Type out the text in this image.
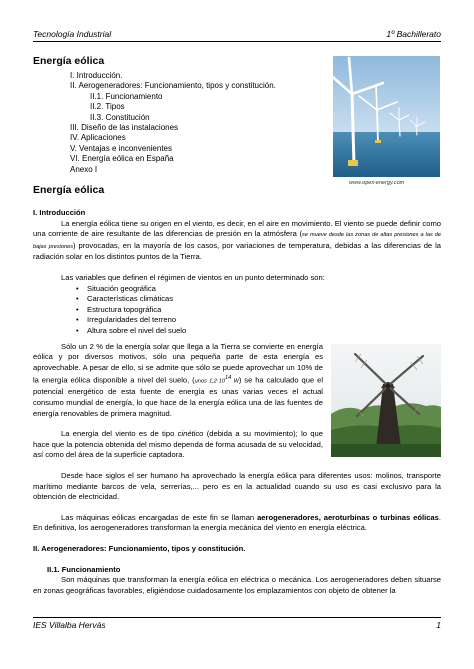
Tecnología Industrial	1º Bachillerato
Energía eólica
I. Introducción.
II. Aerogeneradores: Funcionamiento, tipos y constitución.
II.1. Funcionamiento
II.2. Tipos
II.3. Constitución
III. Diseño de las instalaciones
IV. Aplicaciones
V. Ventajas e inconvenientes
VI. Energía eólica en España
Anexo I
www.opex-energy.com
Energía eólica
I. Introducción
La energía eólica tiene su origen en el viento, es decir, en el aire en movimiento. El viento se puede definir como una corriente de aire resultante de las diferencias de presión en la atmósfera (se mueve desde las zonas de altas presiones a las de bajas presiones) provocadas, en la mayoría de los casos, por variaciones de temperatura, debidas a las diferencias de la radiación solar en los distintos puntos de la Tierra.
Las variables que definen el régimen de vientos en un punto determinado son:
• Situación geográfica
• Características climáticas
• Estructura topográfica
• Irregularidades del terreno
• Altura sobre el nivel del suelo
Sólo un 2 % de la energía solar que llega a la Tierra se convierte en energía eólica y por diversos motivos, sólo una pequeña parte de esta energía es aprovechable. A pesar de ello, si se admite que sólo se puede aprovechar un 10% de la energía eólica disponible a nivel del suelo, (unos $1,2\cdot 10^{14}$ W) se ha calculado que el potencial energético de esta fuente de energía es unas varias veces el actual consumo mundial de energía, lo que hace de la energía eólica una de las fuentes de energía renovables de primera magnitud.
La energía del viento es de tipo cinético (debida a su movimiento); lo que hace que la potencia obtenida del mismo dependa de forma acusada de su velocidad, así como del área de la superficie captadora.
Desde hace siglos el ser humano ha aprovechado la energía eólica para diferentes usos: molinos, transporte marítimo mediante barcos de vela, serrerías,... pero es en la actualidad cuando su uso es casi exclusivo para la obtención de electricidad.
Las máquinas eólicas encargadas de este fin se llaman aerogeneradores, aeroturbinas o turbinas eólicas. En definitiva, los aerogeneradores transforman la energía mecánica del viento en energía eléctrica.
II. Aerogeneradores: Funcionamiento, tipos y constitución.
II.1. Funcionamiento
Son máquinas que transforman la energía eólica en eléctrica o mecánica. Los aerogeneradores deben situarse en zonas geográficas favorables, eligiéndose cuidadosamente los emplazamientos con objeto de obtener la
IES Villalba Hervás	1
